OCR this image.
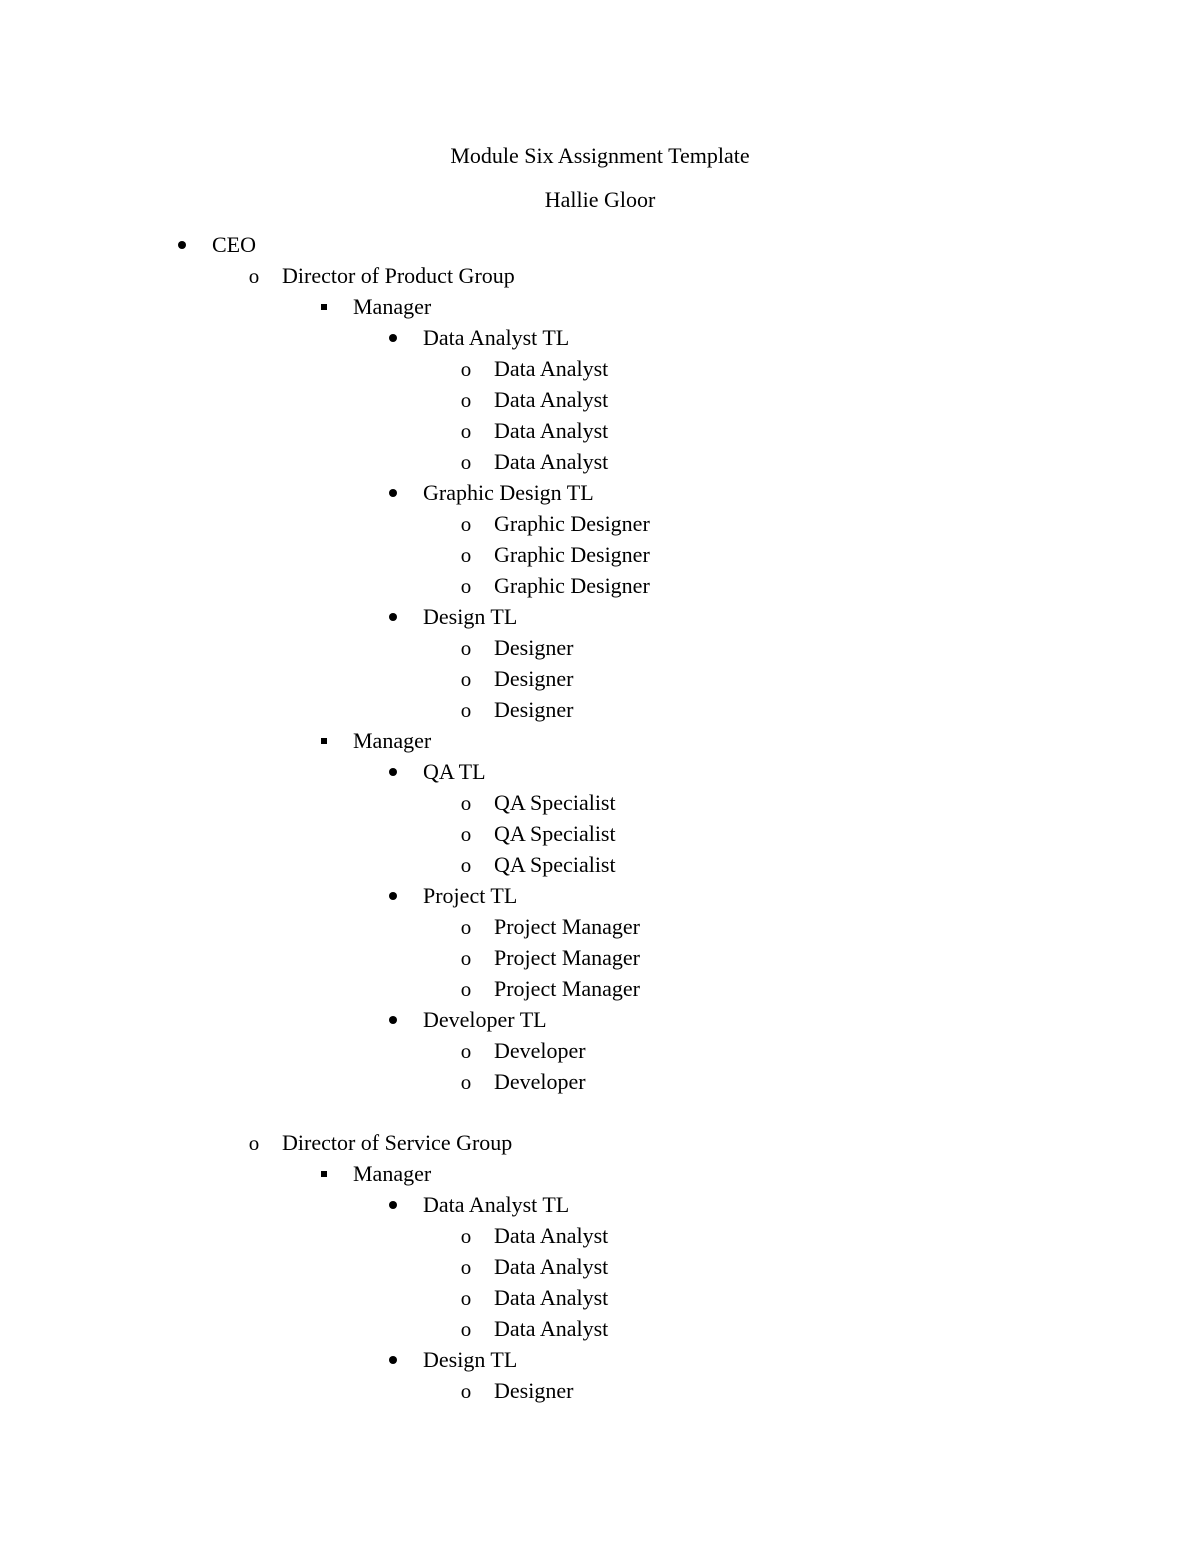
Module Six Assignment Template
Hallie Gloor
CEO
o	Director of Product Group
Manager
Data Analyst TL
o	Data Analyst
o	Data Analyst
o	Data Analyst
o	Data Analyst
Graphic Design TL
o	Graphic Designer
o	Graphic Designer
o	Graphic Designer
Design TL
o	Designer
o	Designer
o	Designer
Manager
QA TL
o	QA Specialist
o	QA Specialist
o	QA Specialist
Project TL
o	Project Manager
o	Project Manager
o	Project Manager
Developer TL
o	Developer
o	Developer
o	Director of Service Group
Manager
Data Analyst TL
o	Data Analyst
o	Data Analyst
o	Data Analyst
o	Data Analyst
Design TL
o	Designer
